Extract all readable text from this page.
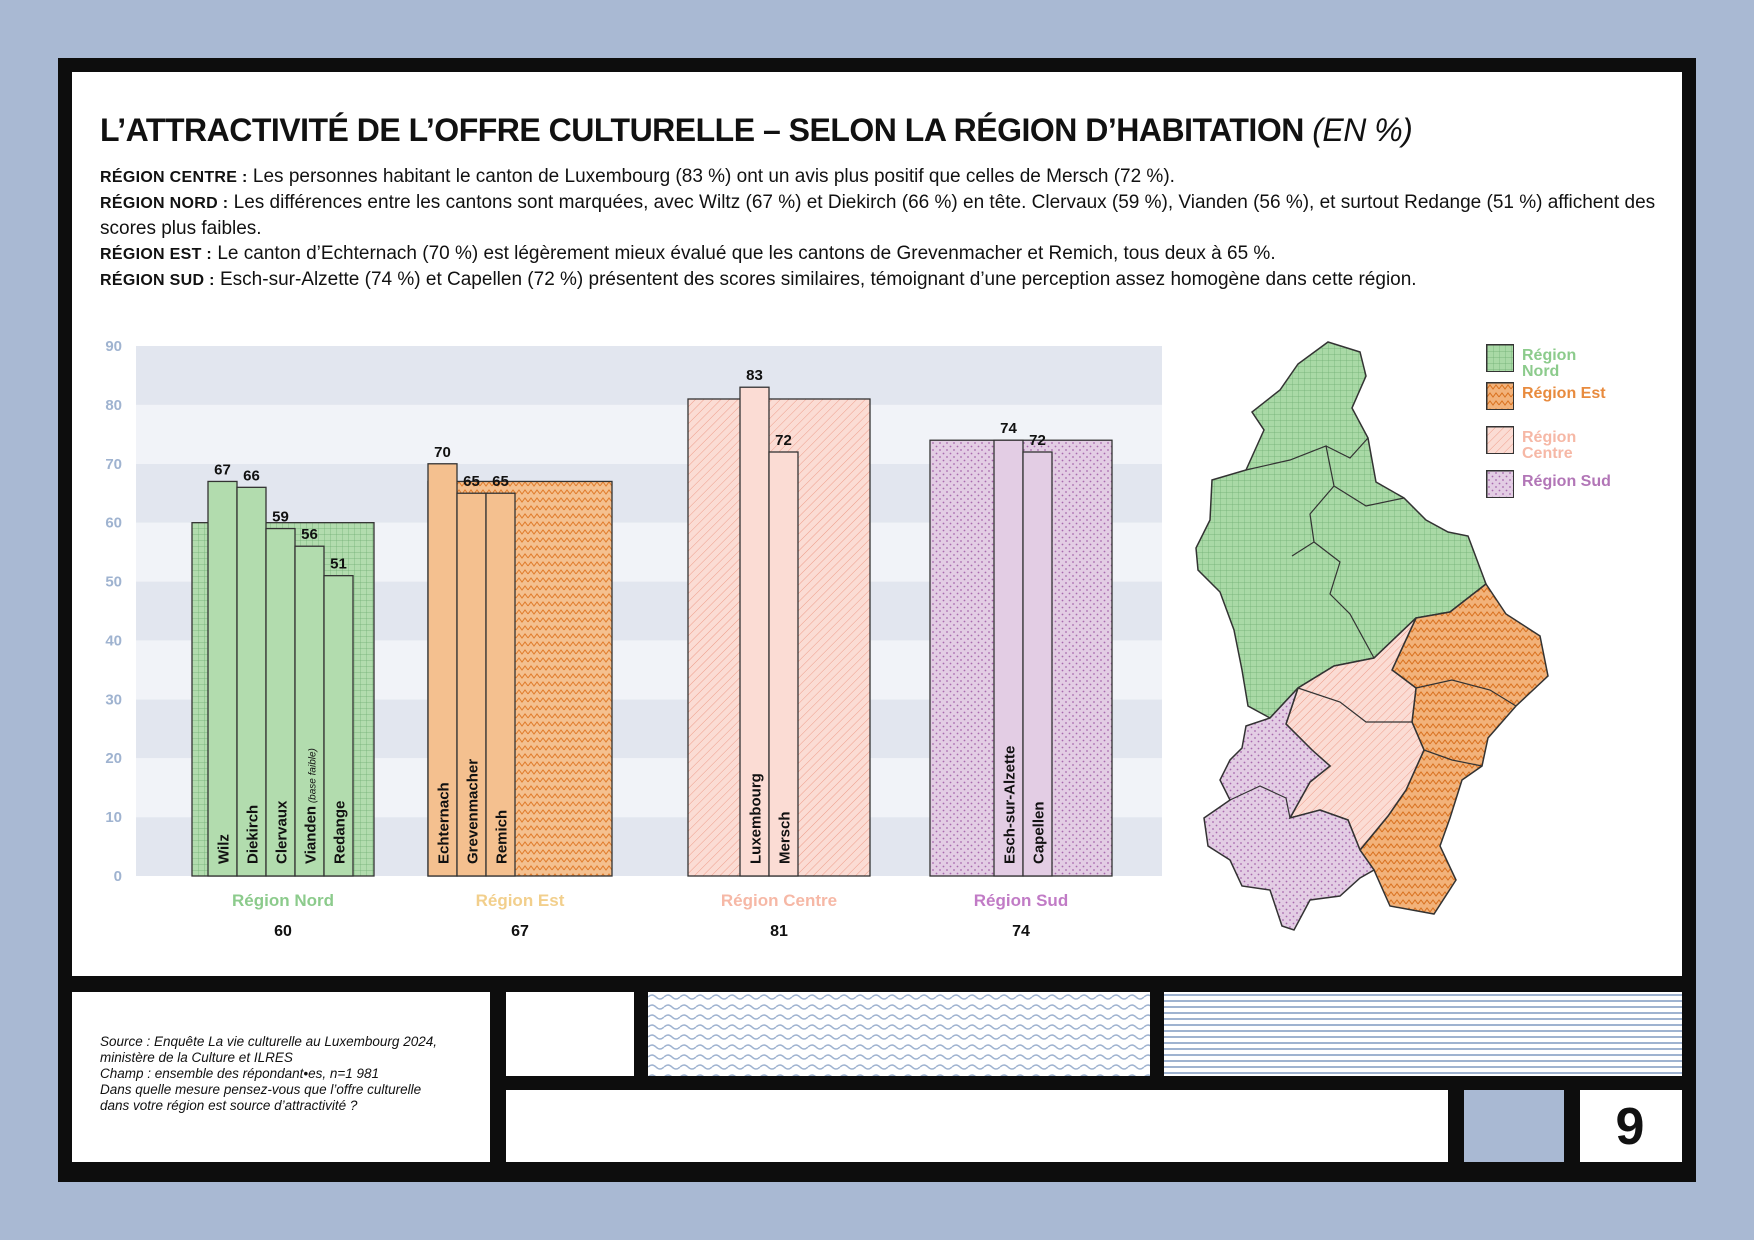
9
L’ATTRACTIVITÉ DE L’OFFRE CULTURELLE – SELON LA RÉGION D’HABITATION (EN %)

RÉGION CENTRE : Les personnes habitant le canton de Luxembourg (83 %) ont un avis plus positif que celles de Mersch (72 %).

RÉGION NORD : Les différences entre les cantons sont marquées, avec Wiltz (67 %) et Diekirch (66 %) en tête. Clervaux (59 %), Vianden (56 %), et surtout Redange (51 %) affichent des scores plus faibles.

RÉGION EST : Le canton d’Echternach (70 %) est légèrement mieux évalué que les cantons de Grevenmacher et Remich, tous deux à 65 %.

RÉGION SUD : Esch-sur-Alzette (74 %) et Capellen (72 %) présentent des scores similaires, témoignant d’une perception assez homogène dans cette région.

0
10
20
30
40
50
60
70
80
90
67
Wilz
66
Diekirch
59
Clervaux
56
Vianden (base faible)
51
Redange
Région Nord
60
70
Echternach
65
Grevenmacher
65
Remich
Région Est
67
83
Luxembourg
72
Mersch
Région Centre
81
74
Esch-sur-Alzette
72
Capellen
Région Sud
74
Région Nord
Région Est
Région Centre
Région Sud

Source : Enquête La vie culturelle au Luxembourg 2024,

ministère de la Culture et ILRES

Champ : ensemble des répondant•es, n=1 981

Dans quelle mesure pensez-vous que l’offre culturelle

dans votre région est source d’attractivité ?
